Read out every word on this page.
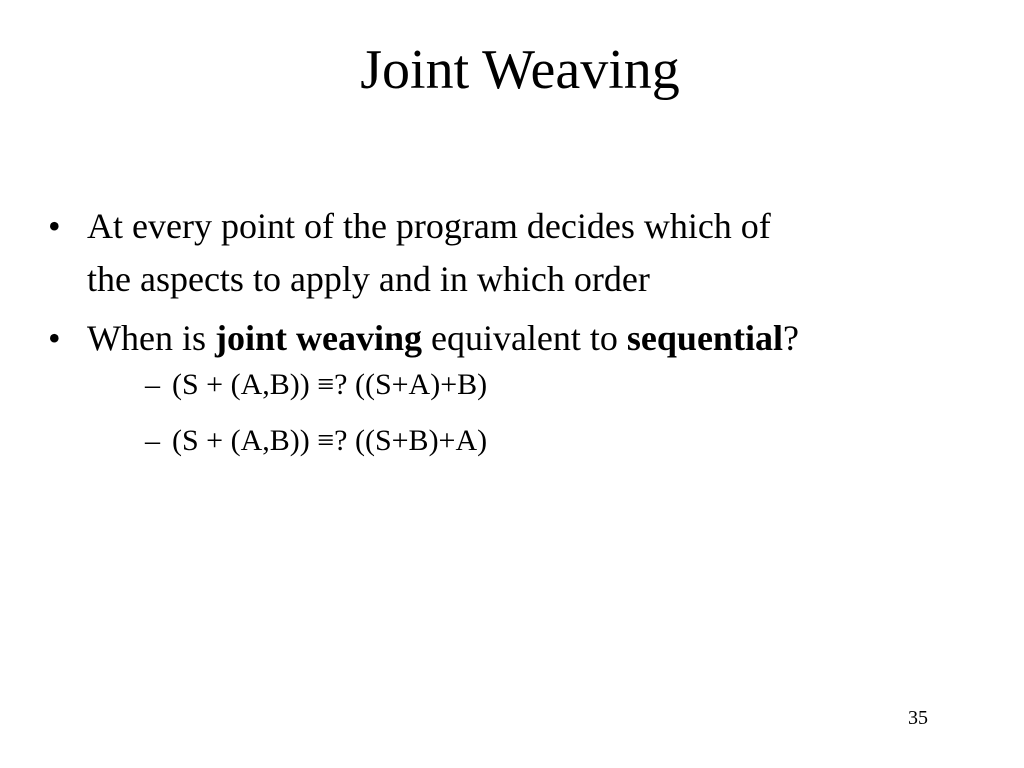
Joint Weaving
• At every point of the program decides which of
the aspects to apply and in which order
• When is joint weaving equivalent to sequential?
– (S + (A,B)) ≡? ((S+A)+B)
– (S + (A,B)) ≡? ((S+B)+A)
35
